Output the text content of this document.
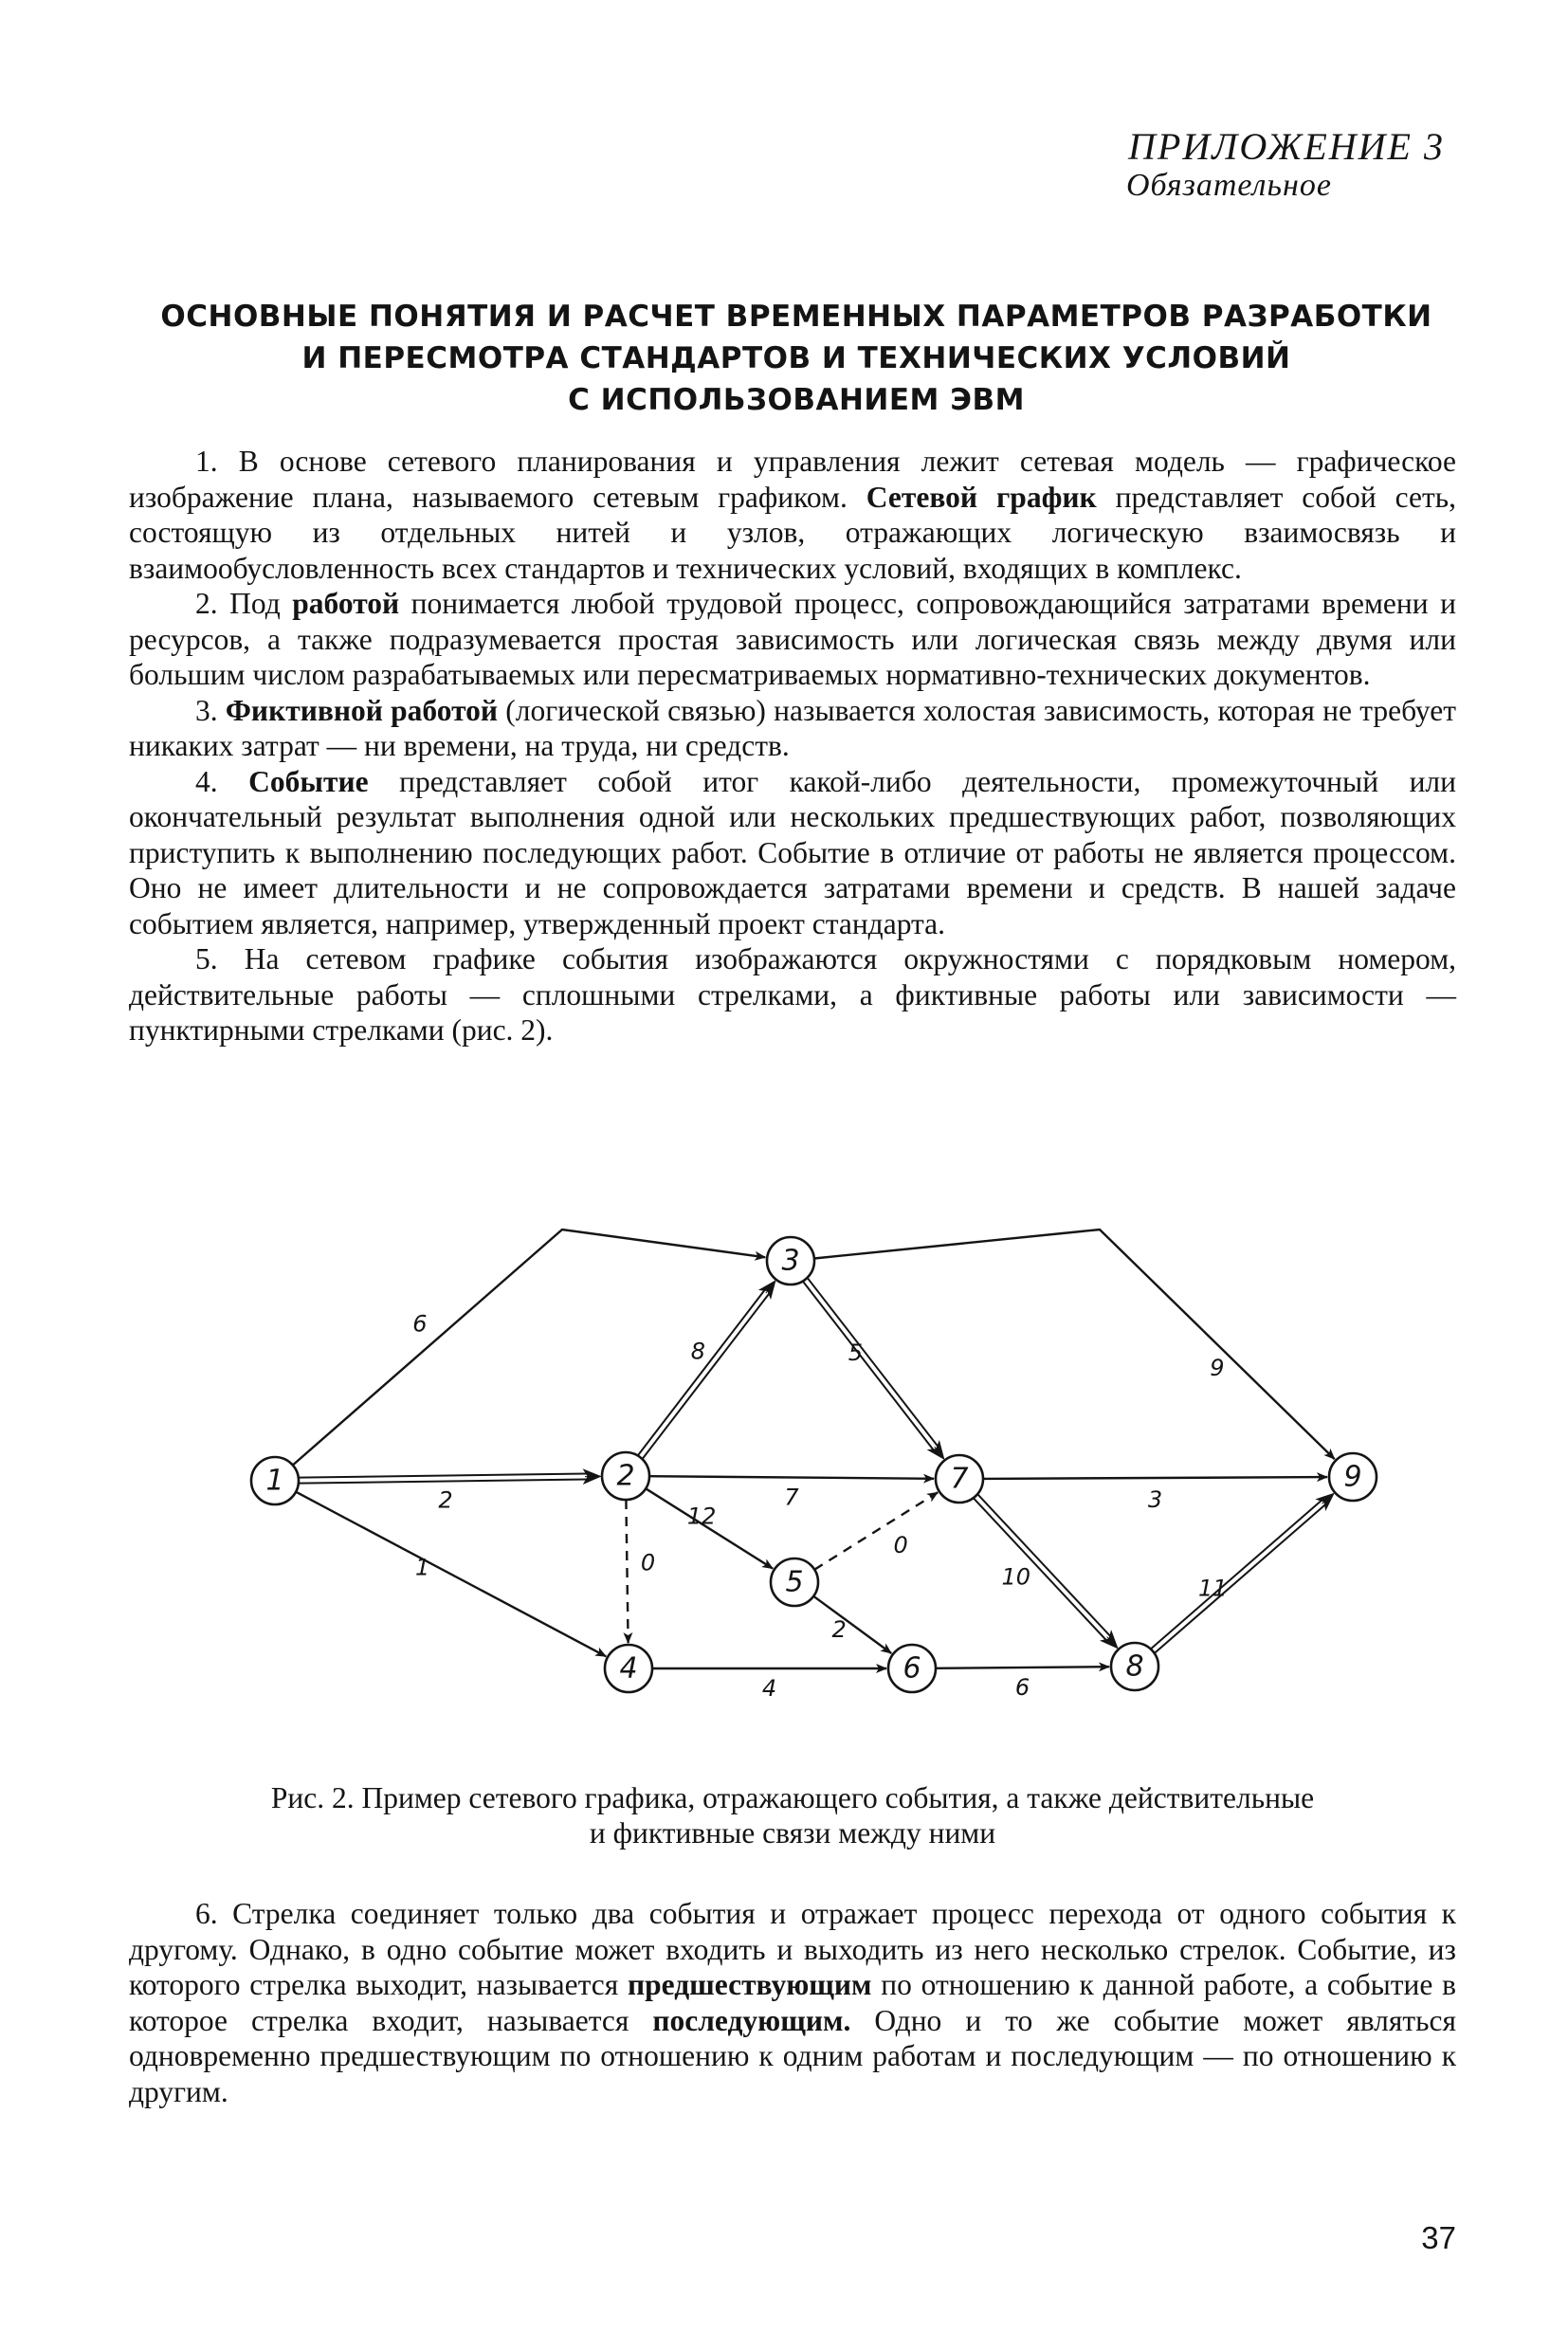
ПРИЛОЖЕНИЕ 3
Обязательное
ОСНОВНЫЕ ПОНЯТИЯ И РАСЧЕТ ВРЕМЕННЫХ ПАРАМЕТРОВ РАЗРАБОТКИ
И ПЕРЕСМОТРА СТАНДАРТОВ И ТЕХНИЧЕСКИХ УСЛОВИЙ
С ИСПОЛЬЗОВАНИЕМ ЭВМ

1. В основе сетевого планирования и управления лежит сетевая модель — графическое изображение плана, называемого сетевым графиком. Сетевой график представляет собой сеть, состоящую из отдельных нитей и узлов, отражающих логическую взаимосвязь и взаимообусловленность всех стандартов и технических условий, входящих в комплекс.

2. Под работой понимается любой трудовой процесс, сопровождающийся затратами времени и ресурсов, а также подразумевается простая зависимость или логическая связь между двумя или большим числом разрабатываемых или пересматриваемых нормативно-технических документов.

3. Фиктивной работой (логической связью) называется холостая зависимость, которая не требует никаких затрат — ни времени, на труда, ни средств.

4. Событие представляет собой итог какой-либо деятельности, промежуточный или окончательный результат выполнения одной или нескольких предшествующих работ, позволяющих приступить к выполнению последующих работ. Событие в отличие от работы не является процессом. Оно не имеет длительности и не сопровождается затратами времени и средств. В нашей задаче событием является, например, утвержденный проект стандарта.

5. На сетевом графике события изображаются окружностями с порядковым номером, действительные работы — сплошными стрелками, а фиктивные работы или зависимости — пунктирными стрелками (рис. 2).

6
2
1
8
7
12
0
9
5
0
2
4	6
3
10	11
1	2
3
4
5
6
7
8
9
Рис. 2. Пример сетевого графика, отражающего события, а также действительные
и фиктивные связи между ними

6. Стрелка соединяет только два события и отражает процесс перехода от одного события к другому. Однако, в одно событие может входить и выходить из него несколько стрелок. Событие, из которого стрелка выходит, называется предшествующим по отношению к данной работе, а событие в которое стрелка входит, называется последующим. Одно и то же событие может являться одновременно предшествующим по отношению к одним работам и последующим — по отношению к другим.

37
